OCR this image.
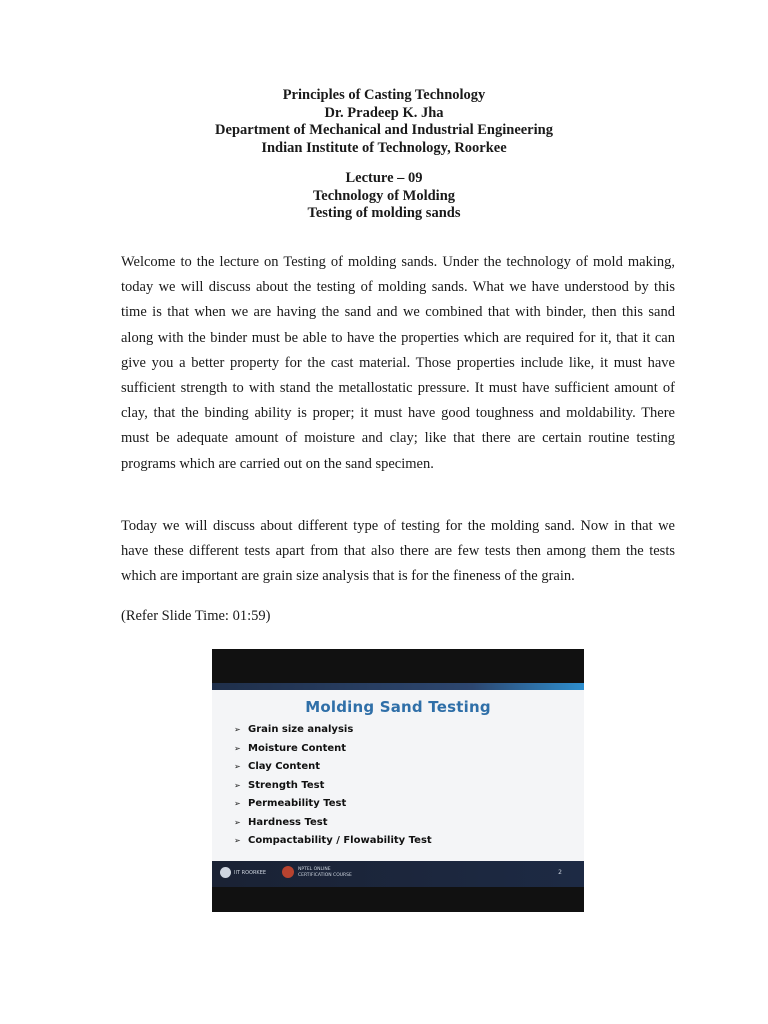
Principles of Casting Technology
Dr. Pradeep K. Jha
Department of Mechanical and Industrial Engineering
Indian Institute of Technology, Roorkee
Lecture – 09
Technology of Molding
Testing of molding sands

Welcome to the lecture on Testing of molding sands. Under the technology of mold making, today we will discuss about the testing of molding sands. What we have understood by this time is that when we are having the sand and we combined that with binder, then this sand along with the binder must be able to have the properties which are required for it, that it can give you a better property for the cast material. Those properties include like, it must have sufficient strength to with stand the metallostatic pressure. It must have sufficient amount of clay, that the binding ability is proper; it must have good toughness and moldability. There must be adequate amount of moisture and clay; like that there are certain routine testing programs which are carried out on the sand specimen.

Today we will discuss about different type of testing for the molding sand. Now in that we have these different tests apart from that also there are few tests then among them the tests which are important are grain size analysis that is for the fineness of the grain.

(Refer Slide Time: 01:59)
Molding Sand Testing
➢ Grain size analysis
➢ Moisture Content
➢ Clay Content
➢ Strength Test
➢ Permeability Test
➢ Hardness Test
➢ Compactability / Flowability Test
IIT ROORKEE
NPTEL ONLINE
CERTIFICATION COURSE	2
